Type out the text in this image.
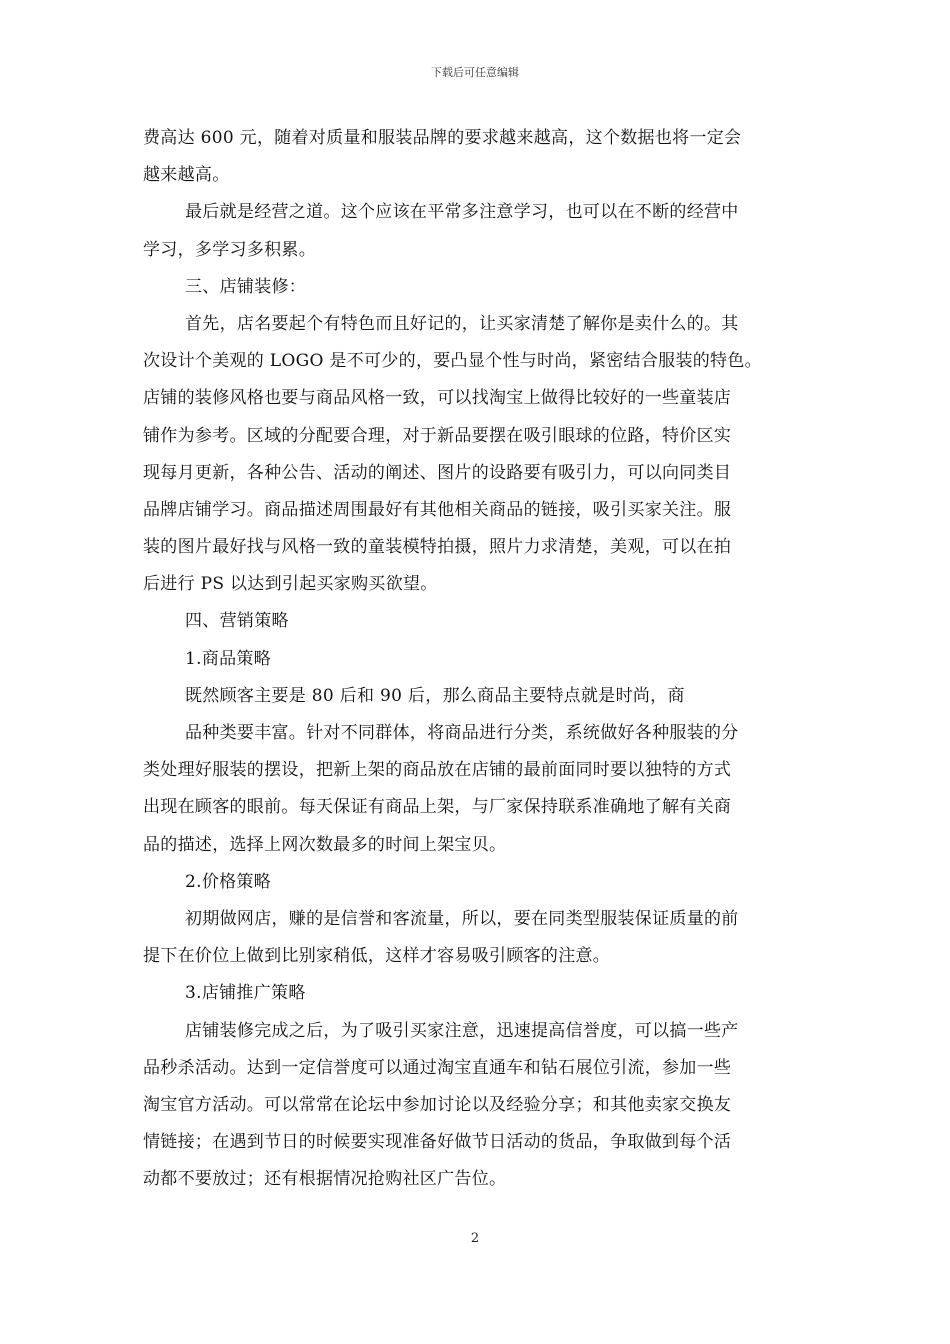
下载后可任意编辑

费高达 600 元，随着对质量和服装品牌的要求越来越高，这个数据也将一定会
越来越高。
最后就是经营之道。这个应该在平常多注意学习，也可以在不断的经营中
学习，多学习多积累。
三、店铺装修：
首先，店名要起个有特色而且好记的，让买家清楚了解你是卖什么的。其
次设计个美观的 LOGO 是不可少的，要凸显个性与时尚，紧密结合服装的特色。
店铺的装修风格也要与商品风格一致，可以找淘宝上做得比较好的一些童装店
铺作为参考。区域的分配要合理，对于新品要摆在吸引眼球的位路，特价区实
现每月更新，各种公告、活动的阐述、图片的设路要有吸引力，可以向同类目
品牌店铺学习。商品描述周围最好有其他相关商品的链接，吸引买家关注。服
装的图片最好找与风格一致的童装模特拍摄，照片力求清楚，美观，可以在拍
后进行 PS 以达到引起买家购买欲望。
四、营销策略
1.商品策略
既然顾客主要是 80 后和 90 后，那么商品主要特点就是时尚，商
品种类要丰富。针对不同群体，将商品进行分类，系统做好各种服装的分
类处理好服装的摆设，把新上架的商品放在店铺的最前面同时要以独特的方式
出现在顾客的眼前。每天保证有商品上架，与厂家保持联系准确地了解有关商
品的描述，选择上网次数最多的时间上架宝贝。
2.价格策略
初期做网店，赚的是信誉和客流量，所以，要在同类型服装保证质量的前
提下在价位上做到比别家稍低，这样才容易吸引顾客的注意。
3.店铺推广策略
店铺装修完成之后，为了吸引买家注意，迅速提高信誉度，可以搞一些产
品秒杀活动。达到一定信誉度可以通过淘宝直通车和钻石展位引流，参加一些
淘宝官方活动。可以常常在论坛中参加讨论以及经验分享；和其他卖家交换友
情链接；在遇到节日的时候要实现准备好做节日活动的货品，争取做到每个活
动都不要放过；还有根据情况抢购社区广告位。

2
